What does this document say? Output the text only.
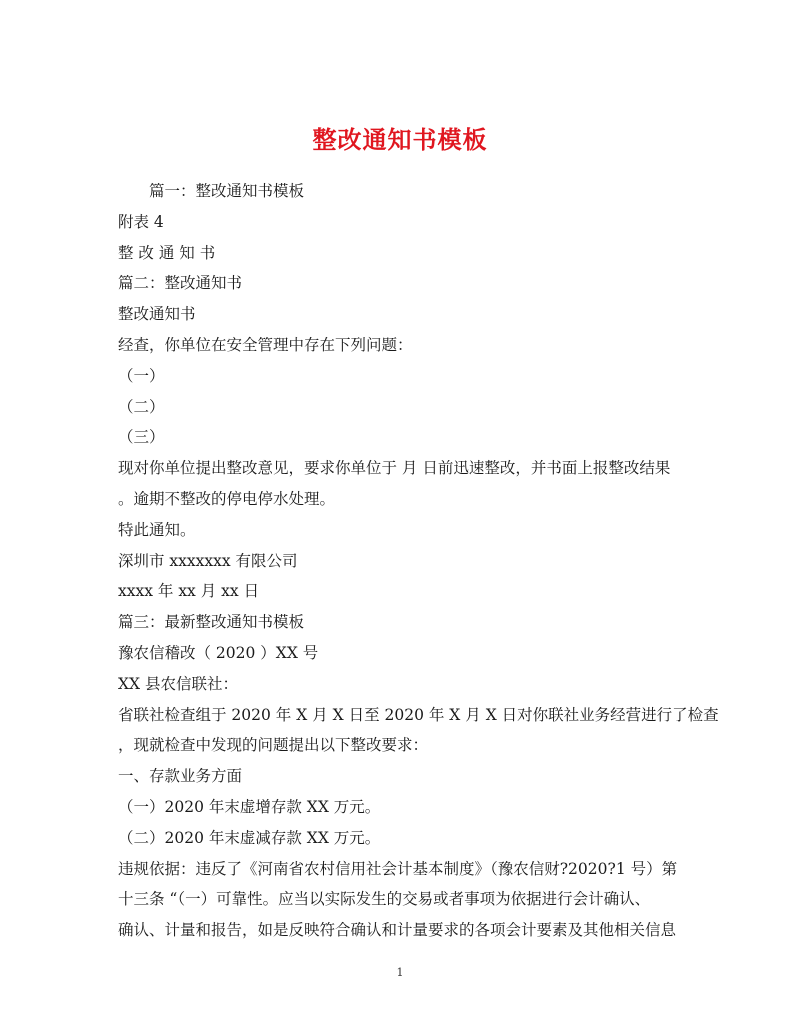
整改通知书模板

篇一：整改通知书模板

附表 4

整 改 通 知 书

篇二：整改通知书

整改通知书

经查，你单位在安全管理中存在下列问题：

（一）

（二）

（三）

现对你单位提出整改意见，要求你单位于 月 日前迅速整改，并书面上报整改结果

。逾期不整改的停电停水处理。

特此通知。

深圳市 xxxxxxx 有限公司

xxxx 年 xx 月 xx 日

篇三：最新整改通知书模板

豫农信稽改（ 2020 ）XX 号

XX 县农信联社：

省联社检查组于 2020 年 X 月 X 日至 2020 年 X 月 X 日对你联社业务经营进行了检查

，现就检查中发现的问题提出以下整改要求：

一、存款业务方面

（一）2020 年末虚增存款 XX 万元。

（二）2020 年末虚减存款 XX 万元。

违规依据：违反了《河南省农村信用社会计基本制度》（豫农信财?2020?1 号）第

十三条 “（一）可靠性。应当以实际发生的交易或者事项为依据进行会计确认、

确认、计量和报告，如是反映符合确认和计量要求的各项会计要素及其他相关信息

1
